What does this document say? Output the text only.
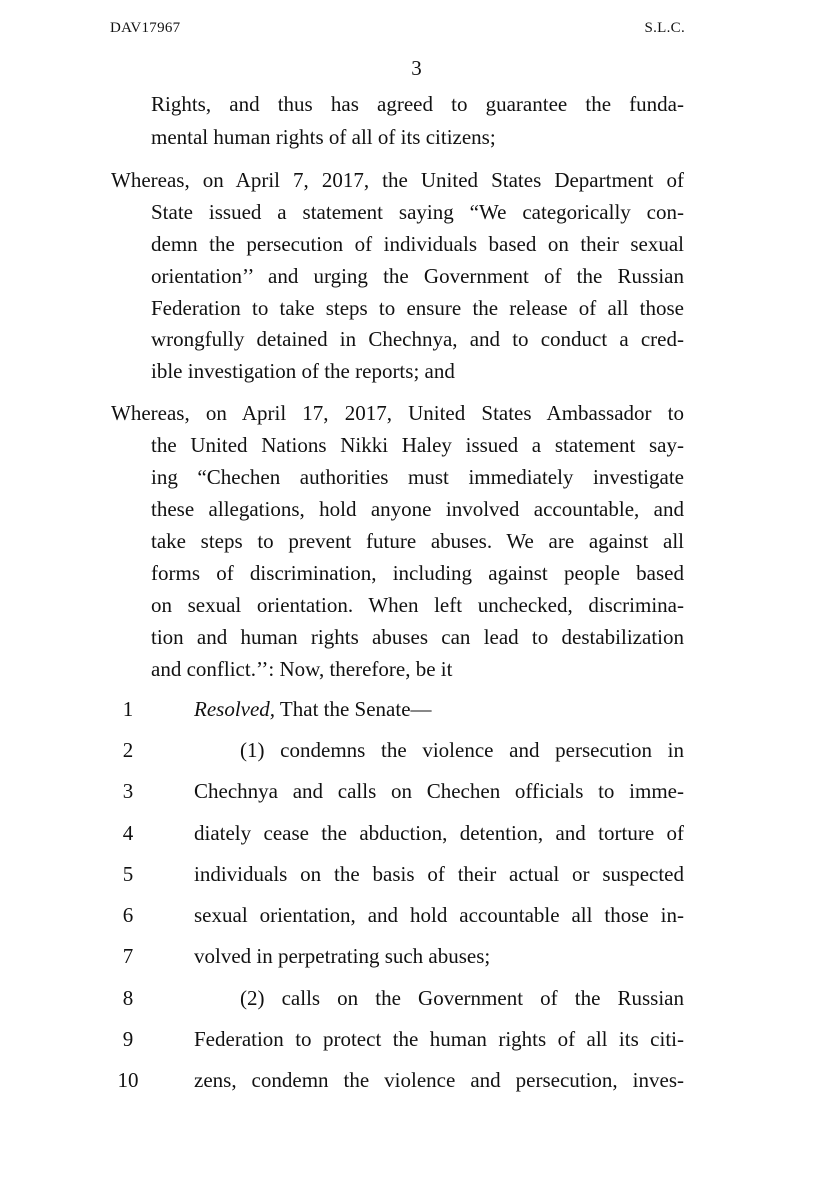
DAV17967	S.L.C.
3
Rights, and thus has agreed to guarantee the funda-
mental human rights of all of its citizens;
Whereas, on April 7, 2017, the United States Department of
State issued a statement saying “We categorically con-
demn the persecution of individuals based on their sexual
orientation’’ and urging the Government of the Russian
Federation to take steps to ensure the release of all those
wrongfully detained in Chechnya, and to conduct a cred-
ible investigation of the reports; and
Whereas, on April 17, 2017, United States Ambassador to
the United Nations Nikki Haley issued a statement say-
ing “Chechen authorities must immediately investigate
these allegations, hold anyone involved accountable, and
take steps to prevent future abuses. We are against all
forms of discrimination, including against people based
on sexual orientation. When left unchecked, discrimina-
tion and human rights abuses can lead to destabilization
and conflict.’’: Now, therefore, be it
1	Resolved, That the Senate—
2	(1) condemns the violence and persecution in
3	Chechnya and calls on Chechen officials to imme-
4	diately cease the abduction, detention, and torture of
5	individuals on the basis of their actual or suspected
6	sexual orientation, and hold accountable all those in-
7	volved in perpetrating such abuses;
8	(2) calls on the Government of the Russian
9	Federation to protect the human rights of all its citi-
10	zens, condemn the violence and persecution, inves-
